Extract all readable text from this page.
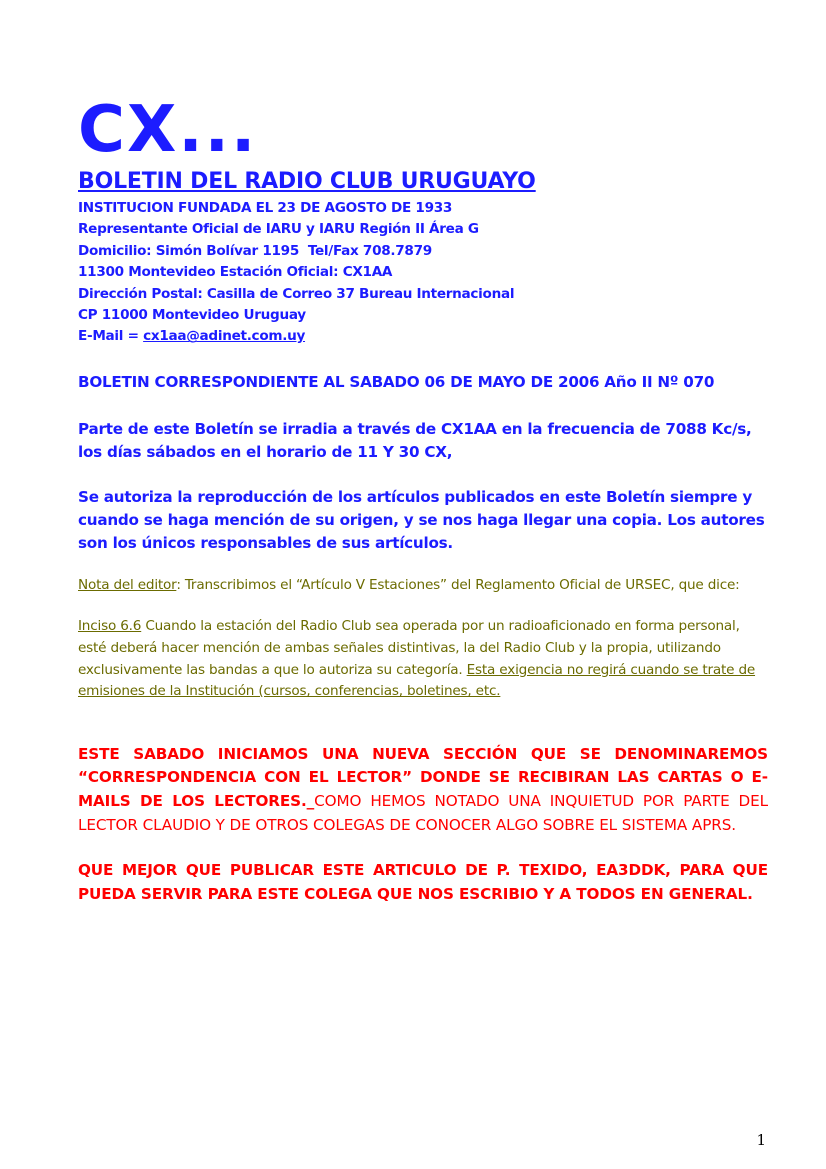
CX...
BOLETIN DEL RADIO CLUB URUGUAYO
INSTITUCION FUNDADA EL 23 DE AGOSTO DE 1933
Representante Oficial de IARU y IARU Región II Área G
Domicilio: Simón Bolívar 1195  Tel/Fax 708.7879
11300 Montevideo Estación Oficial: CX1AA
Dirección Postal: Casilla de Correo 37 Bureau Internacional
CP 11000 Montevideo Uruguay
E-Mail = cx1aa@adinet.com.uy

BOLETIN CORRESPONDIENTE AL SABADO 06 DE MAYO DE 2006 Año II Nº 070

Parte de este Boletín se irradia a través de CX1AA en la frecuencia de 7088 Kc/s, los días sábados en el horario de 11 Y 30 CX,

Se autoriza la reproducción de los artículos publicados en este Boletín siempre y cuando se haga mención de su origen, y se nos haga llegar una copia. Los autores son los únicos responsables de sus artículos.

Nota del editor: Transcribimos el “Artículo V Estaciones” del Reglamento Oficial de URSEC, que dice:

Inciso 6.6 Cuando la estación del Radio Club sea operada por un radioaficionado en forma personal, esté deberá hacer mención de ambas señales distintivas, la del Radio Club y la propia, utilizando exclusivamente las bandas a que lo autoriza su categoría. Esta exigencia no regirá cuando se trate de emisiones de la Institución (cursos, conferencias, boletines, etc.

ESTE SABADO INICIAMOS UNA NUEVA SECCIÓN QUE SE DENOMINAREMOS “CORRESPONDENCIA CON EL LECTOR” DONDE SE RECIBIRAN LAS CARTAS O E-MAILS DE LOS LECTORES._COMO HEMOS NOTADO UNA INQUIETUD POR PARTE DEL LECTOR CLAUDIO Y DE OTROS COLEGAS DE CONOCER ALGO SOBRE EL SISTEMA APRS.

QUE MEJOR QUE PUBLICAR ESTE ARTICULO DE P. TEXIDO, EA3DDK, PARA QUE PUEDA SERVIR PARA ESTE COLEGA QUE NOS ESCRIBIO Y A TODOS EN GENERAL.

1
